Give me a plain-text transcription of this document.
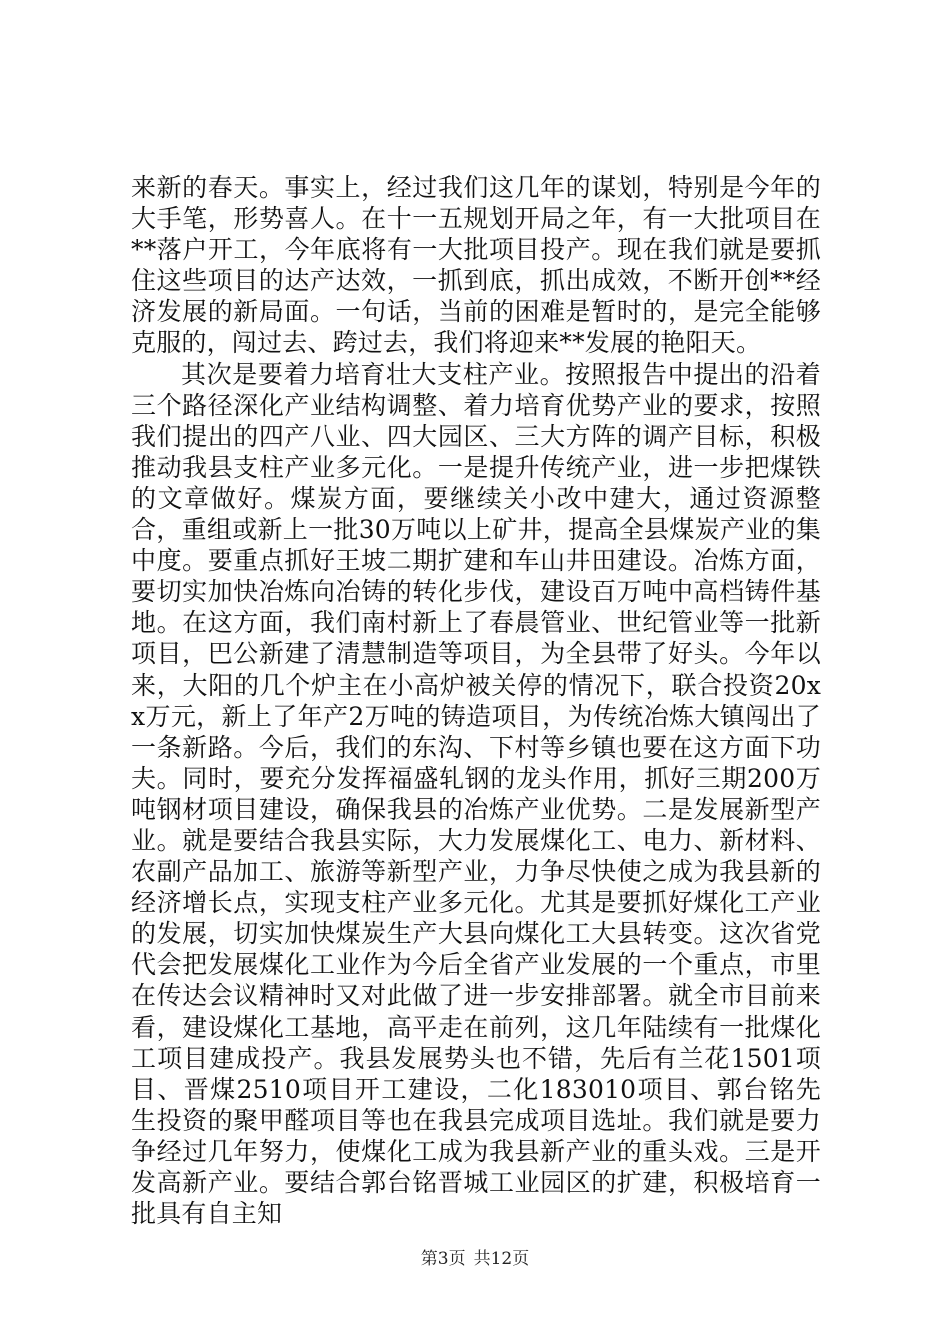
来新的春天。事实上，经过我们这几年的谋划，特别是今年的大手笔，形势喜人。在十一五规划开局之年，有一大批项目在**落户开工，今年底将有一大批项目投产。现在我们就是要抓住这些项目的达产达效，一抓到底，抓出成效，不断开创**经济发展的新局面。一句话，当前的困难是暂时的，是完全能够克服的，闯过去、跨过去，我们将迎来**发展的艳阳天。

其次是要着力培育壮大支柱产业。按照报告中提出的沿着三个路径深化产业结构调整、着力培育优势产业的要求，按照我们提出的四产八业、四大园区、三大方阵的调产目标，积极推动我县支柱产业多元化。一是提升传统产业，进一步把煤铁的文章做好。煤炭方面，要继续关小改中建大，通过资源整合，重组或新上一批30万吨以上矿井，提高全县煤炭产业的集中度。要重点抓好王坡二期扩建和车山井田建设。冶炼方面，要切实加快冶炼向冶铸的转化步伐，建设百万吨中高档铸件基地。在这方面，我们南村新上了春晨管业、世纪管业等一批新项目，巴公新建了清慧制造等项目，为全县带了好头。今年以来，大阳的几个炉主在小高炉被关停的情况下，联合投资20xx万元，新上了年产2万吨的铸造项目，为传统冶炼大镇闯出了一条新路。今后，我们的东沟、下村等乡镇也要在这方面下功夫。同时，要充分发挥福盛轧钢的龙头作用，抓好三期200万吨钢材项目建设，确保我县的冶炼产业优势。二是发展新型产业。就是要结合我县实际，大力发展煤化工、电力、新材料、农副产品加工、旅游等新型产业，力争尽快使之成为我县新的经济增长点，实现支柱产业多元化。尤其是要抓好煤化工产业的发展，切实加快煤炭生产大县向煤化工大县转变。这次省党代会把发展煤化工业作为今后全省产业发展的一个重点，市里在传达会议精神时又对此做了进一步安排部署。就全市目前来看，建设煤化工基地，高平走在前列，这几年陆续有一批煤化工项目建成投产。我县发展势头也不错，先后有兰花1501项目、晋煤2510项目开工建设，二化183010项目、郭台铭先生投资的聚甲醛项目等也在我县完成项目选址。我们就是要力争经过几年努力，使煤化工成为我县新产业的重头戏。三是开发高新产业。要结合郭台铭晋城工业园区的扩建，积极培育一批具有自主知

第3页 共12页
